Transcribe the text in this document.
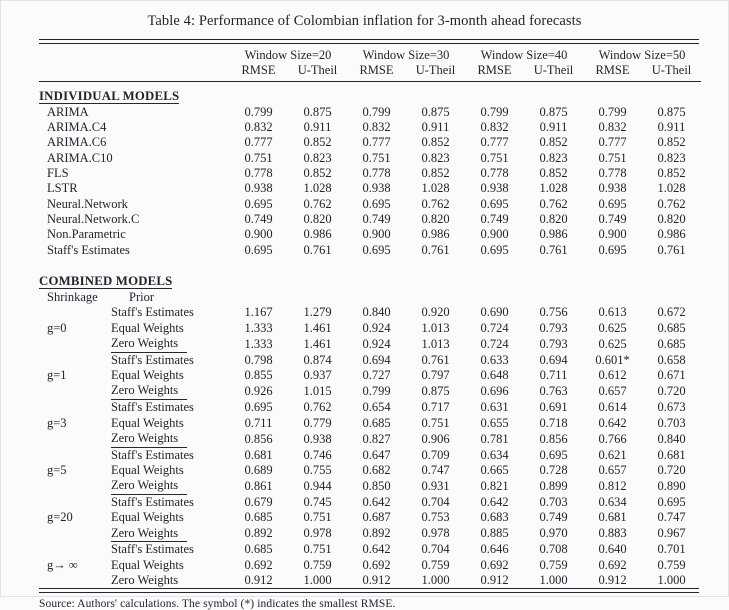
Table 4: Performance of Colombian inflation for 3-month ahead forecasts
		Window Size=20		Window Size=30		Window Size=40		Window Size=50	
		RMSE	U-Theil	RMSE	U-Theil	RMSE	U-Theil	RMSE	U-Theil
INDIVIDUAL MODELS									
ARIMA		0.799	0.875	0.799	0.875	0.799	0.875	0.799	0.875
ARIMA.C4		0.832	0.911	0.832	0.911	0.832	0.911	0.832	0.911
ARIMA.C6		0.777	0.852	0.777	0.852	0.777	0.852	0.777	0.852
ARIMA.C10		0.751	0.823	0.751	0.823	0.751	0.823	0.751	0.823
FLS		0.778	0.852	0.778	0.852	0.778	0.852	0.778	0.852
LSTR		0.938	1.028	0.938	1.028	0.938	1.028	0.938	1.028
Neural.Network		0.695	0.762	0.695	0.762	0.695	0.762	0.695	0.762
Neural.Network.C		0.749	0.820	0.749	0.820	0.749	0.820	0.749	0.820
Non.Parametric		0.900	0.986	0.900	0.986	0.900	0.986	0.900	0.986
Staff's Estimates		0.695	0.761	0.695	0.761	0.695	0.761	0.695	0.761

COMBINED MODELS									
Shrinkage	Prior								
	Staff's Estimates	1.167	1.279	0.840	0.920	0.690	0.756	0.613	0.672
g=0	Equal Weights	1.333	1.461	0.924	1.013	0.724	0.793	0.625	0.685
	Zero Weights	1.333	1.461	0.924	1.013	0.724	0.793	0.625	0.685
	Staff's Estimates	0.798	0.874	0.694	0.761	0.633	0.694	0.601*	0.658
g=1	Equal Weights	0.855	0.937	0.727	0.797	0.648	0.711	0.612	0.671
	Zero Weights	0.926	1.015	0.799	0.875	0.696	0.763	0.657	0.720
	Staff's Estimates	0.695	0.762	0.654	0.717	0.631	0.691	0.614	0.673
g=3	Equal Weights	0.711	0.779	0.685	0.751	0.655	0.718	0.642	0.703
	Zero Weights	0.856	0.938	0.827	0.906	0.781	0.856	0.766	0.840
	Staff's Estimates	0.681	0.746	0.647	0.709	0.634	0.695	0.621	0.681
g=5	Equal Weights	0.689	0.755	0.682	0.747	0.665	0.728	0.657	0.720
	Zero Weights	0.861	0.944	0.850	0.931	0.821	0.899	0.812	0.890
	Staff's Estimates	0.679	0.745	0.642	0.704	0.642	0.703	0.634	0.695
g=20	Equal Weights	0.685	0.751	0.687	0.753	0.683	0.749	0.681	0.747
	Zero Weights	0.892	0.978	0.892	0.978	0.885	0.970	0.883	0.967
	Staff's Estimates	0.685	0.751	0.642	0.704	0.646	0.708	0.640	0.701
g→ ∞	Equal Weights	0.692	0.759	0.692	0.759	0.692	0.759	0.692	0.759
	Zero Weights	0.912	1.000	0.912	1.000	0.912	1.000	0.912	1.000
Source: Authors' calculations. The symbol (*) indicates the smallest RMSE.
